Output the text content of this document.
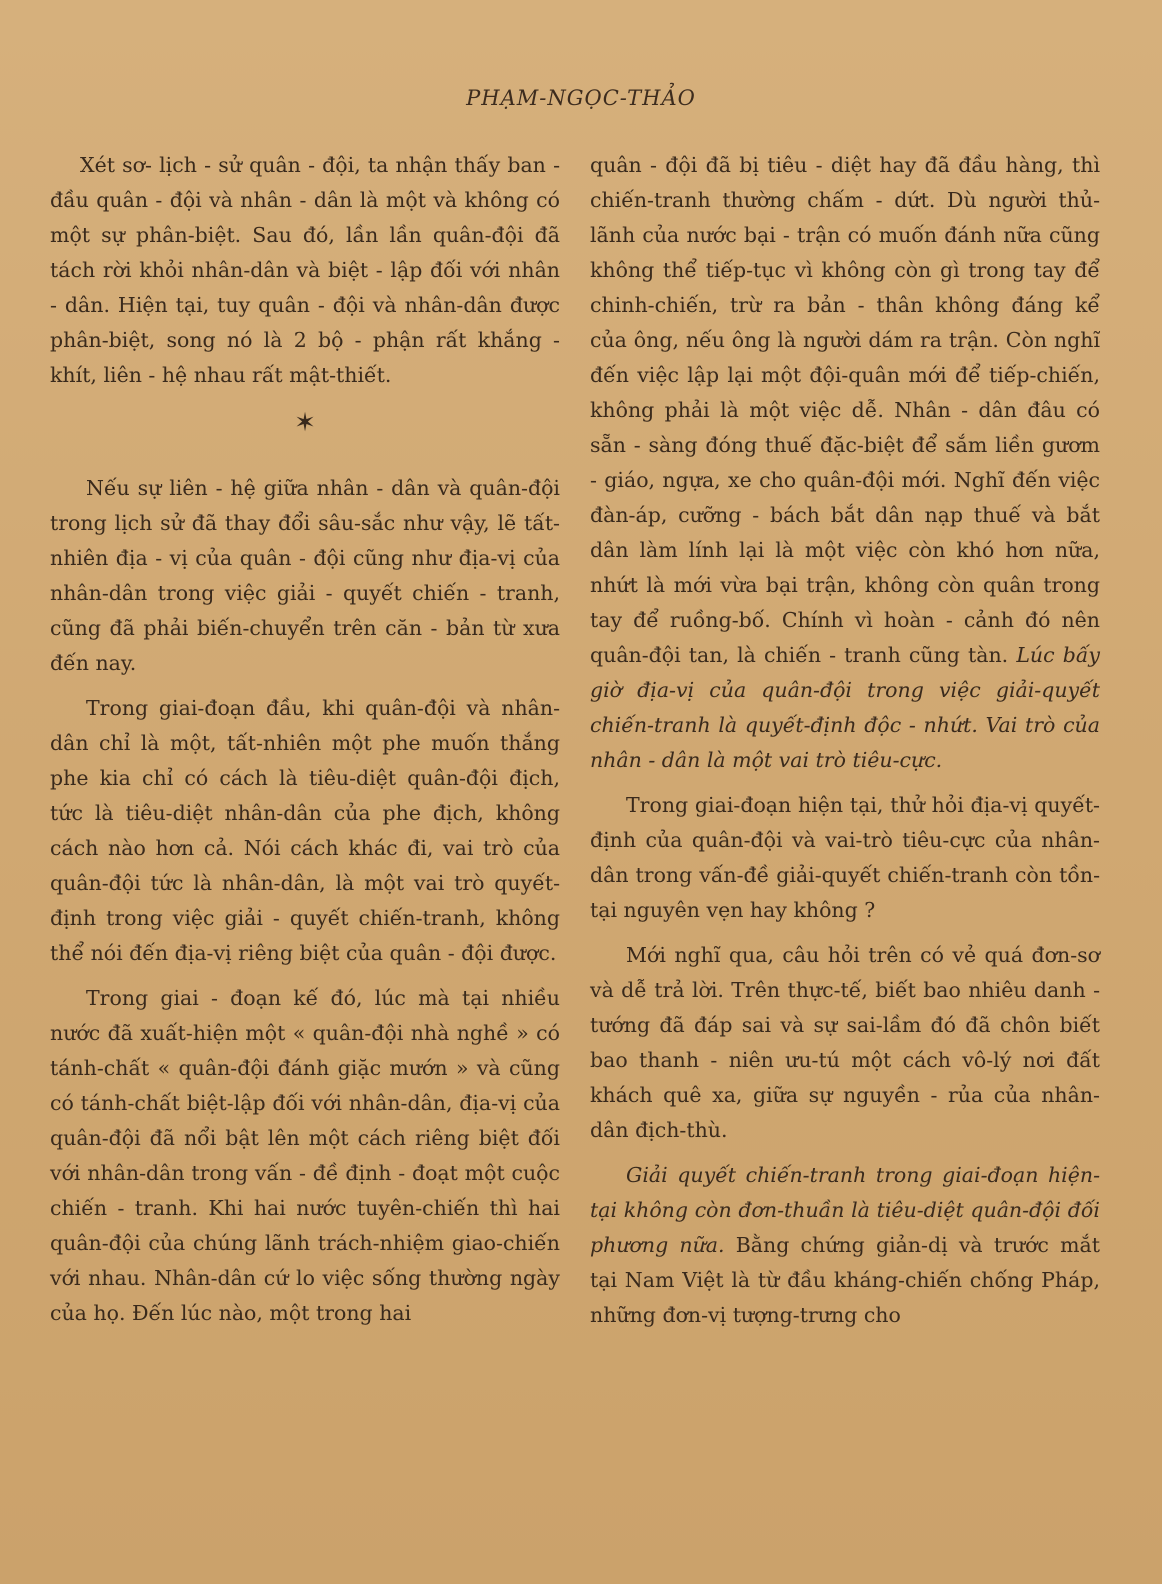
PHẠM-NGỌC-THẢO

Xét sơ- lịch - sử quân - đội, ta nhận thấy ban - đầu quân - đội và nhân - dân là một và không có một sự phân-biệt. Sau đó, lần lần quân-đội đã tách rời khỏi nhân-dân và biệt - lập đối với nhân - dân. Hiện tại, tuy quân - đội và nhân-dân được phân-biệt, song nó là 2 bộ - phận rất khắng - khít, liên - hệ nhau rất mật-thiết.

✶

Nếu sự liên - hệ giữa nhân - dân và quân-đội trong lịch sử đã thay đổi sâu-sắc như vậy, lẽ tất-nhiên địa - vị của quân - đội cũng như địa-vị của nhân-dân trong việc giải - quyết chiến - tranh, cũng đã phải biến-chuyển trên căn - bản từ xưa đến nay.

Trong giai-đoạn đầu, khi quân-đội và nhân-dân chỉ là một, tất-nhiên một phe muốn thắng phe kia chỉ có cách là tiêu-diệt quân-đội địch, tức là tiêu-diệt nhân-dân của phe địch, không cách nào hơn cả. Nói cách khác đi, vai trò của quân-đội tức là nhân-dân, là một vai trò quyết-định trong việc giải - quyết chiến-tranh, không thể nói đến địa-vị riêng biệt của quân - đội được.

Trong giai - đoạn kế đó, lúc mà tại nhiều nước đã xuất-hiện một « quân-đội nhà nghề » có tánh-chất « quân-đội đánh giặc mướn » và cũng có tánh-chất biệt-lập đối với nhân-dân, địa-vị của quân-đội đã nổi bật lên một cách riêng biệt đối với nhân-dân trong vấn - đề định - đoạt một cuộc chiến - tranh. Khi hai nước tuyên-chiến thì hai quân-đội của chúng lãnh trách-nhiệm giao-chiến với nhau. Nhân-dân cứ lo việc sống thường ngày của họ. Đến lúc nào, một trong hai

quân - đội đã bị tiêu - diệt hay đã đầu hàng, thì chiến-tranh thường chấm - dứt. Dù người thủ-lãnh của nước bại - trận có muốn đánh nữa cũng không thể tiếp-tục vì không còn gì trong tay để chinh-chiến, trừ ra bản - thân không đáng kể của ông, nếu ông là người dám ra trận. Còn nghĩ đến việc lập lại một đội-quân mới để tiếp-chiến, không phải là một việc dễ. Nhân - dân đâu có sẵn - sàng đóng thuế đặc-biệt để sắm liền gươm - giáo, ngựa, xe cho quân-đội mới. Nghĩ đến việc đàn-áp, cưỡng - bách bắt dân nạp thuế và bắt dân làm lính lại là một việc còn khó hơn nữa, nhứt là mới vừa bại trận, không còn quân trong tay để ruồng-bố. Chính vì hoàn - cảnh đó nên quân-đội tan, là chiến - tranh cũng tàn. Lúc bấy giờ địa-vị của quân-đội trong việc giải-quyết chiến-tranh là quyết-định độc - nhứt. Vai trò của nhân - dân là một vai trò tiêu-cực.

Trong giai-đoạn hiện tại, thử hỏi địa-vị quyết-định của quân-đội và vai-trò tiêu-cực của nhân-dân trong vấn-đề giải-quyết chiến-tranh còn tồn-tại nguyên vẹn hay không ?

Mới nghĩ qua, câu hỏi trên có vẻ quá đơn-sơ và dễ trả lời. Trên thực-tế, biết bao nhiêu danh - tướng đã đáp sai và sự sai-lầm đó đã chôn biết bao thanh - niên ưu-tú một cách vô-lý nơi đất khách quê xa, giữa sự nguyền - rủa của nhân-dân địch-thù.

Giải quyết chiến-tranh trong giai-đoạn hiện-tại không còn đơn-thuần là tiêu-diệt quân-đội đối phương nữa. Bằng chứng giản-dị và trước mắt tại Nam Việt là từ đầu kháng-chiến chống Pháp, những đơn-vị tượng-trưng cho
